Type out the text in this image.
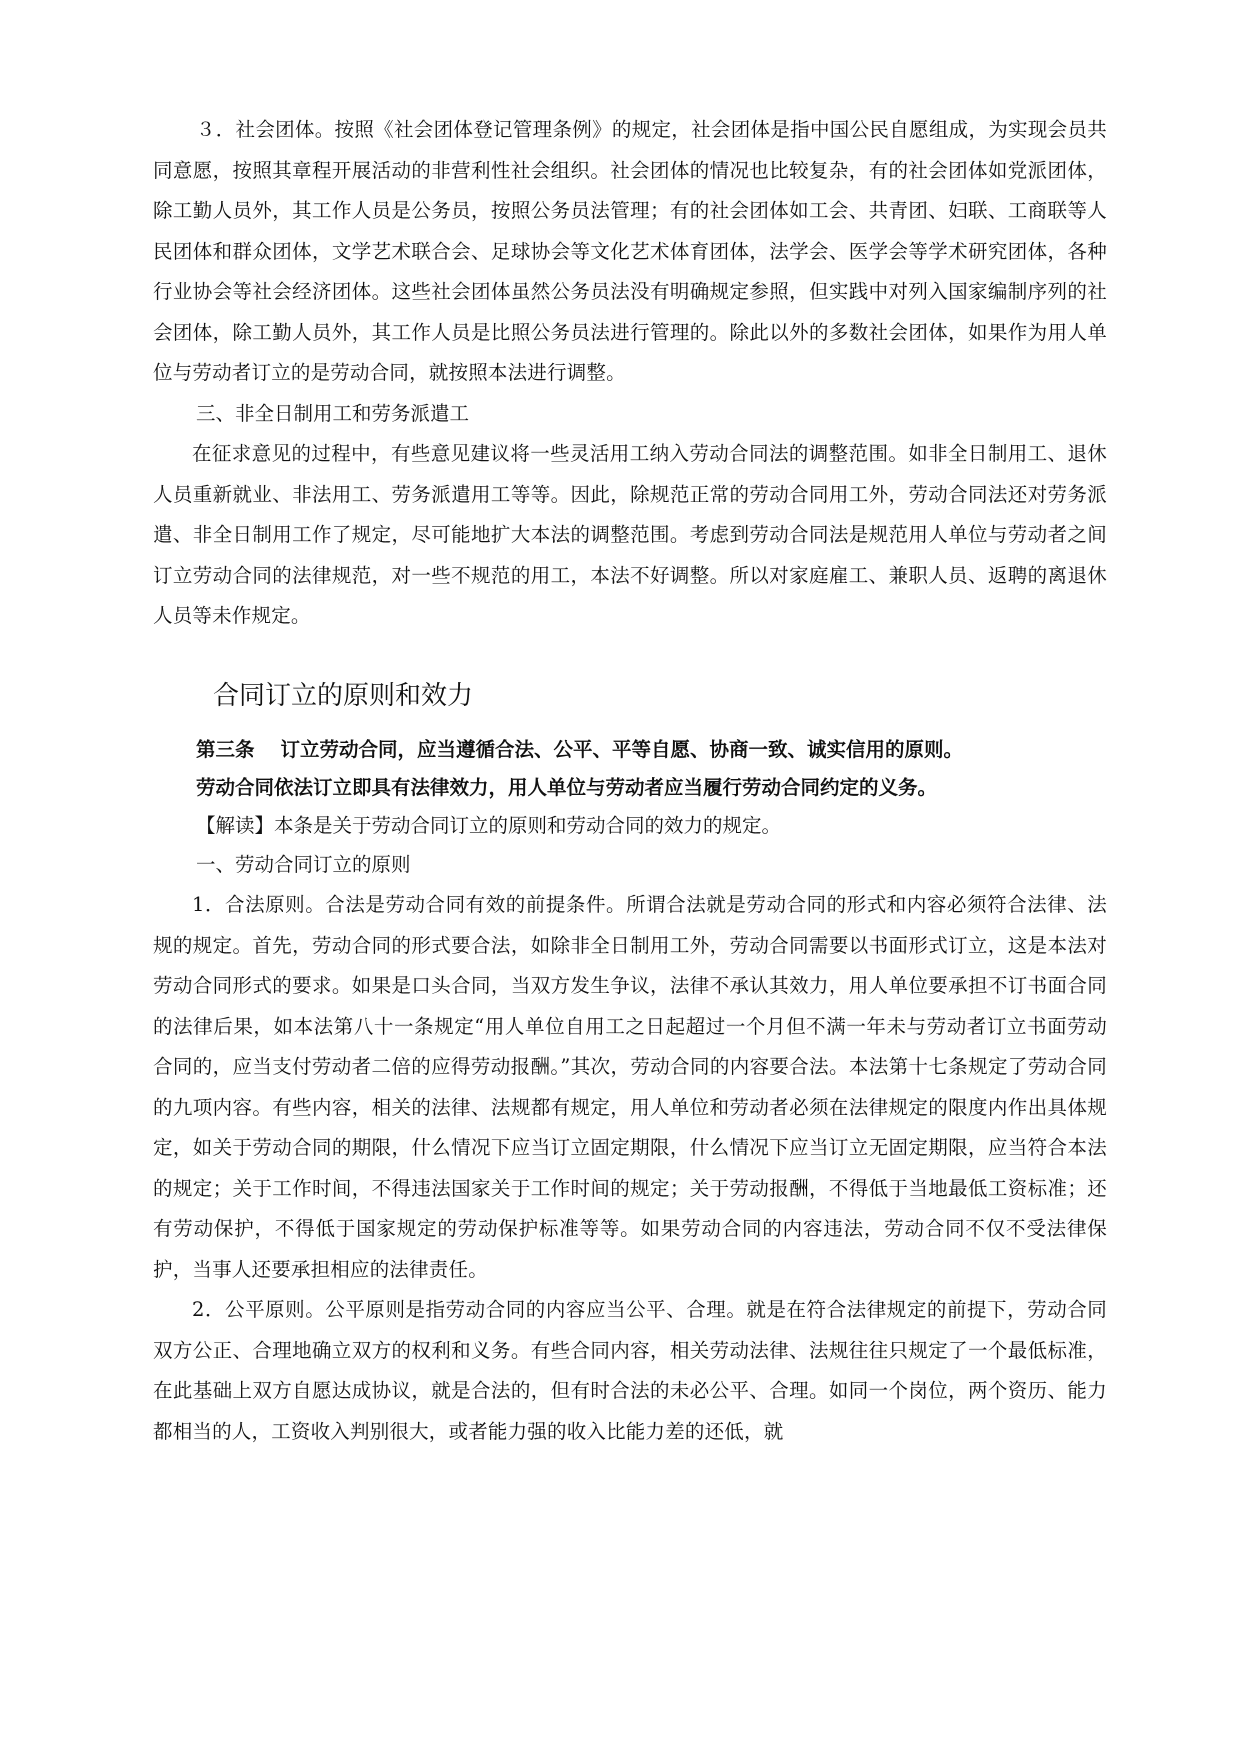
３．社会团体。按照《社会团体登记管理条例》的规定，社会团体是指中国公民自愿组成，为实现会员共同意愿，按照其章程开展活动的非营利性社会组织。社会团体的情况也比较复杂，有的社会团体如党派团体，除工勤人员外，其工作人员是公务员，按照公务员法管理；有的社会团体如工会、共青团、妇联、工商联等人民团体和群众团体，文学艺术联合会、足球协会等文化艺术体育团体，法学会、医学会等学术研究团体，各种行业协会等社会经济团体。这些社会团体虽然公务员法没有明确规定参照，但实践中对列入国家编制序列的社会团体，除工勤人员外，其工作人员是比照公务员法进行管理的。除此以外的多数社会团体，如果作为用人单位与劳动者订立的是劳动合同，就按照本法进行调整。

三、非全日制用工和劳务派遣工

在征求意见的过程中，有些意见建议将一些灵活用工纳入劳动合同法的调整范围。如非全日制用工、退休人员重新就业、非法用工、劳务派遣用工等等。因此，除规范正常的劳动合同用工外，劳动合同法还对劳务派遣、非全日制用工作了规定，尽可能地扩大本法的调整范围。考虑到劳动合同法是规范用人单位与劳动者之间订立劳动合同的法律规范，对一些不规范的用工，本法不好调整。所以对家庭雇工、兼职人员、返聘的离退休人员等未作规定。

合同订立的原则和效力

第三条 订立劳动合同，应当遵循合法、公平、平等自愿、协商一致、诚实信用的原则。

劳动合同依法订立即具有法律效力，用人单位与劳动者应当履行劳动合同约定的义务。

【解读】本条是关于劳动合同订立的原则和劳动合同的效力的规定。

一、劳动合同订立的原则

1．合法原则。合法是劳动合同有效的前提条件。所谓合法就是劳动合同的形式和内容必须符合法律、法规的规定。首先，劳动合同的形式要合法，如除非全日制用工外，劳动合同需要以书面形式订立，这是本法对劳动合同形式的要求。如果是口头合同，当双方发生争议，法律不承认其效力，用人单位要承担不订书面合同的法律后果，如本法第八十一条规定“用人单位自用工之日起超过一个月但不满一年未与劳动者订立书面劳动合同的，应当支付劳动者二倍的应得劳动报酬。”其次，劳动合同的内容要合法。本法第十七条规定了劳动合同的九项内容。有些内容，相关的法律、法规都有规定，用人单位和劳动者必须在法律规定的限度内作出具体规定，如关于劳动合同的期限，什么情况下应当订立固定期限，什么情况下应当订立无固定期限，应当符合本法的规定；关于工作时间，不得违法国家关于工作时间的规定；关于劳动报酬，不得低于当地最低工资标准；还有劳动保护，不得低于国家规定的劳动保护标准等等。如果劳动合同的内容违法，劳动合同不仅不受法律保护，当事人还要承担相应的法律责任。

2．公平原则。公平原则是指劳动合同的内容应当公平、合理。就是在符合法律规定的前提下，劳动合同双方公正、合理地确立双方的权利和义务。有些合同内容，相关劳动法律、法规往往只规定了一个最低标准，在此基础上双方自愿达成协议，就是合法的，但有时合法的未必公平、合理。如同一个岗位，两个资历、能力都相当的人，工资收入判别很大，或者能力强的收入比能力差的还低，就
